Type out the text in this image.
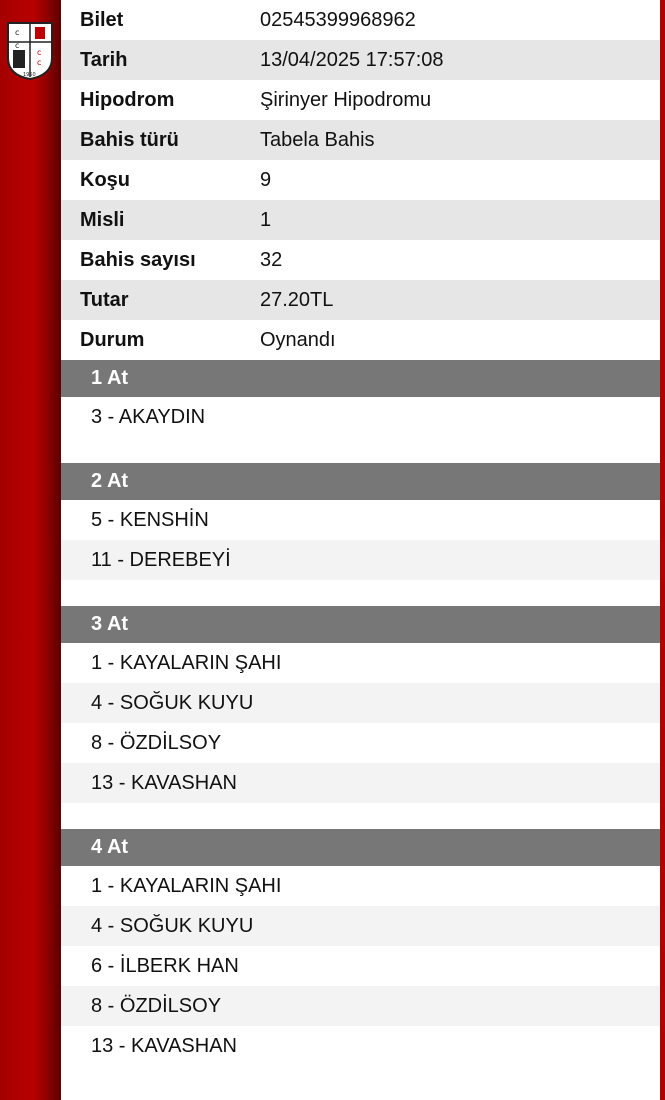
c
c
c
c
1950
Bilet	02545399968962
Tarih	13/04/2025 17:57:08
Hipodrom	Şirinyer Hipodromu
Bahis türü	Tabela Bahis
Koşu	9
Misli	1
Bahis sayısı	32
Tutar	27.20TL
Durum	Oynandı
1 At
3 - AKAYDIN
2 At
5 - KENSHİN
11 - DEREBEYİ
3 At
1 - KAYALARIN ŞAHI
4 - SOĞUK KUYU
8 - ÖZDİLSOY
13 - KAVASHAN
4 At
1 - KAYALARIN ŞAHI
4 - SOĞUK KUYU
6 - İLBERK HAN
8 - ÖZDİLSOY
13 - KAVASHAN
